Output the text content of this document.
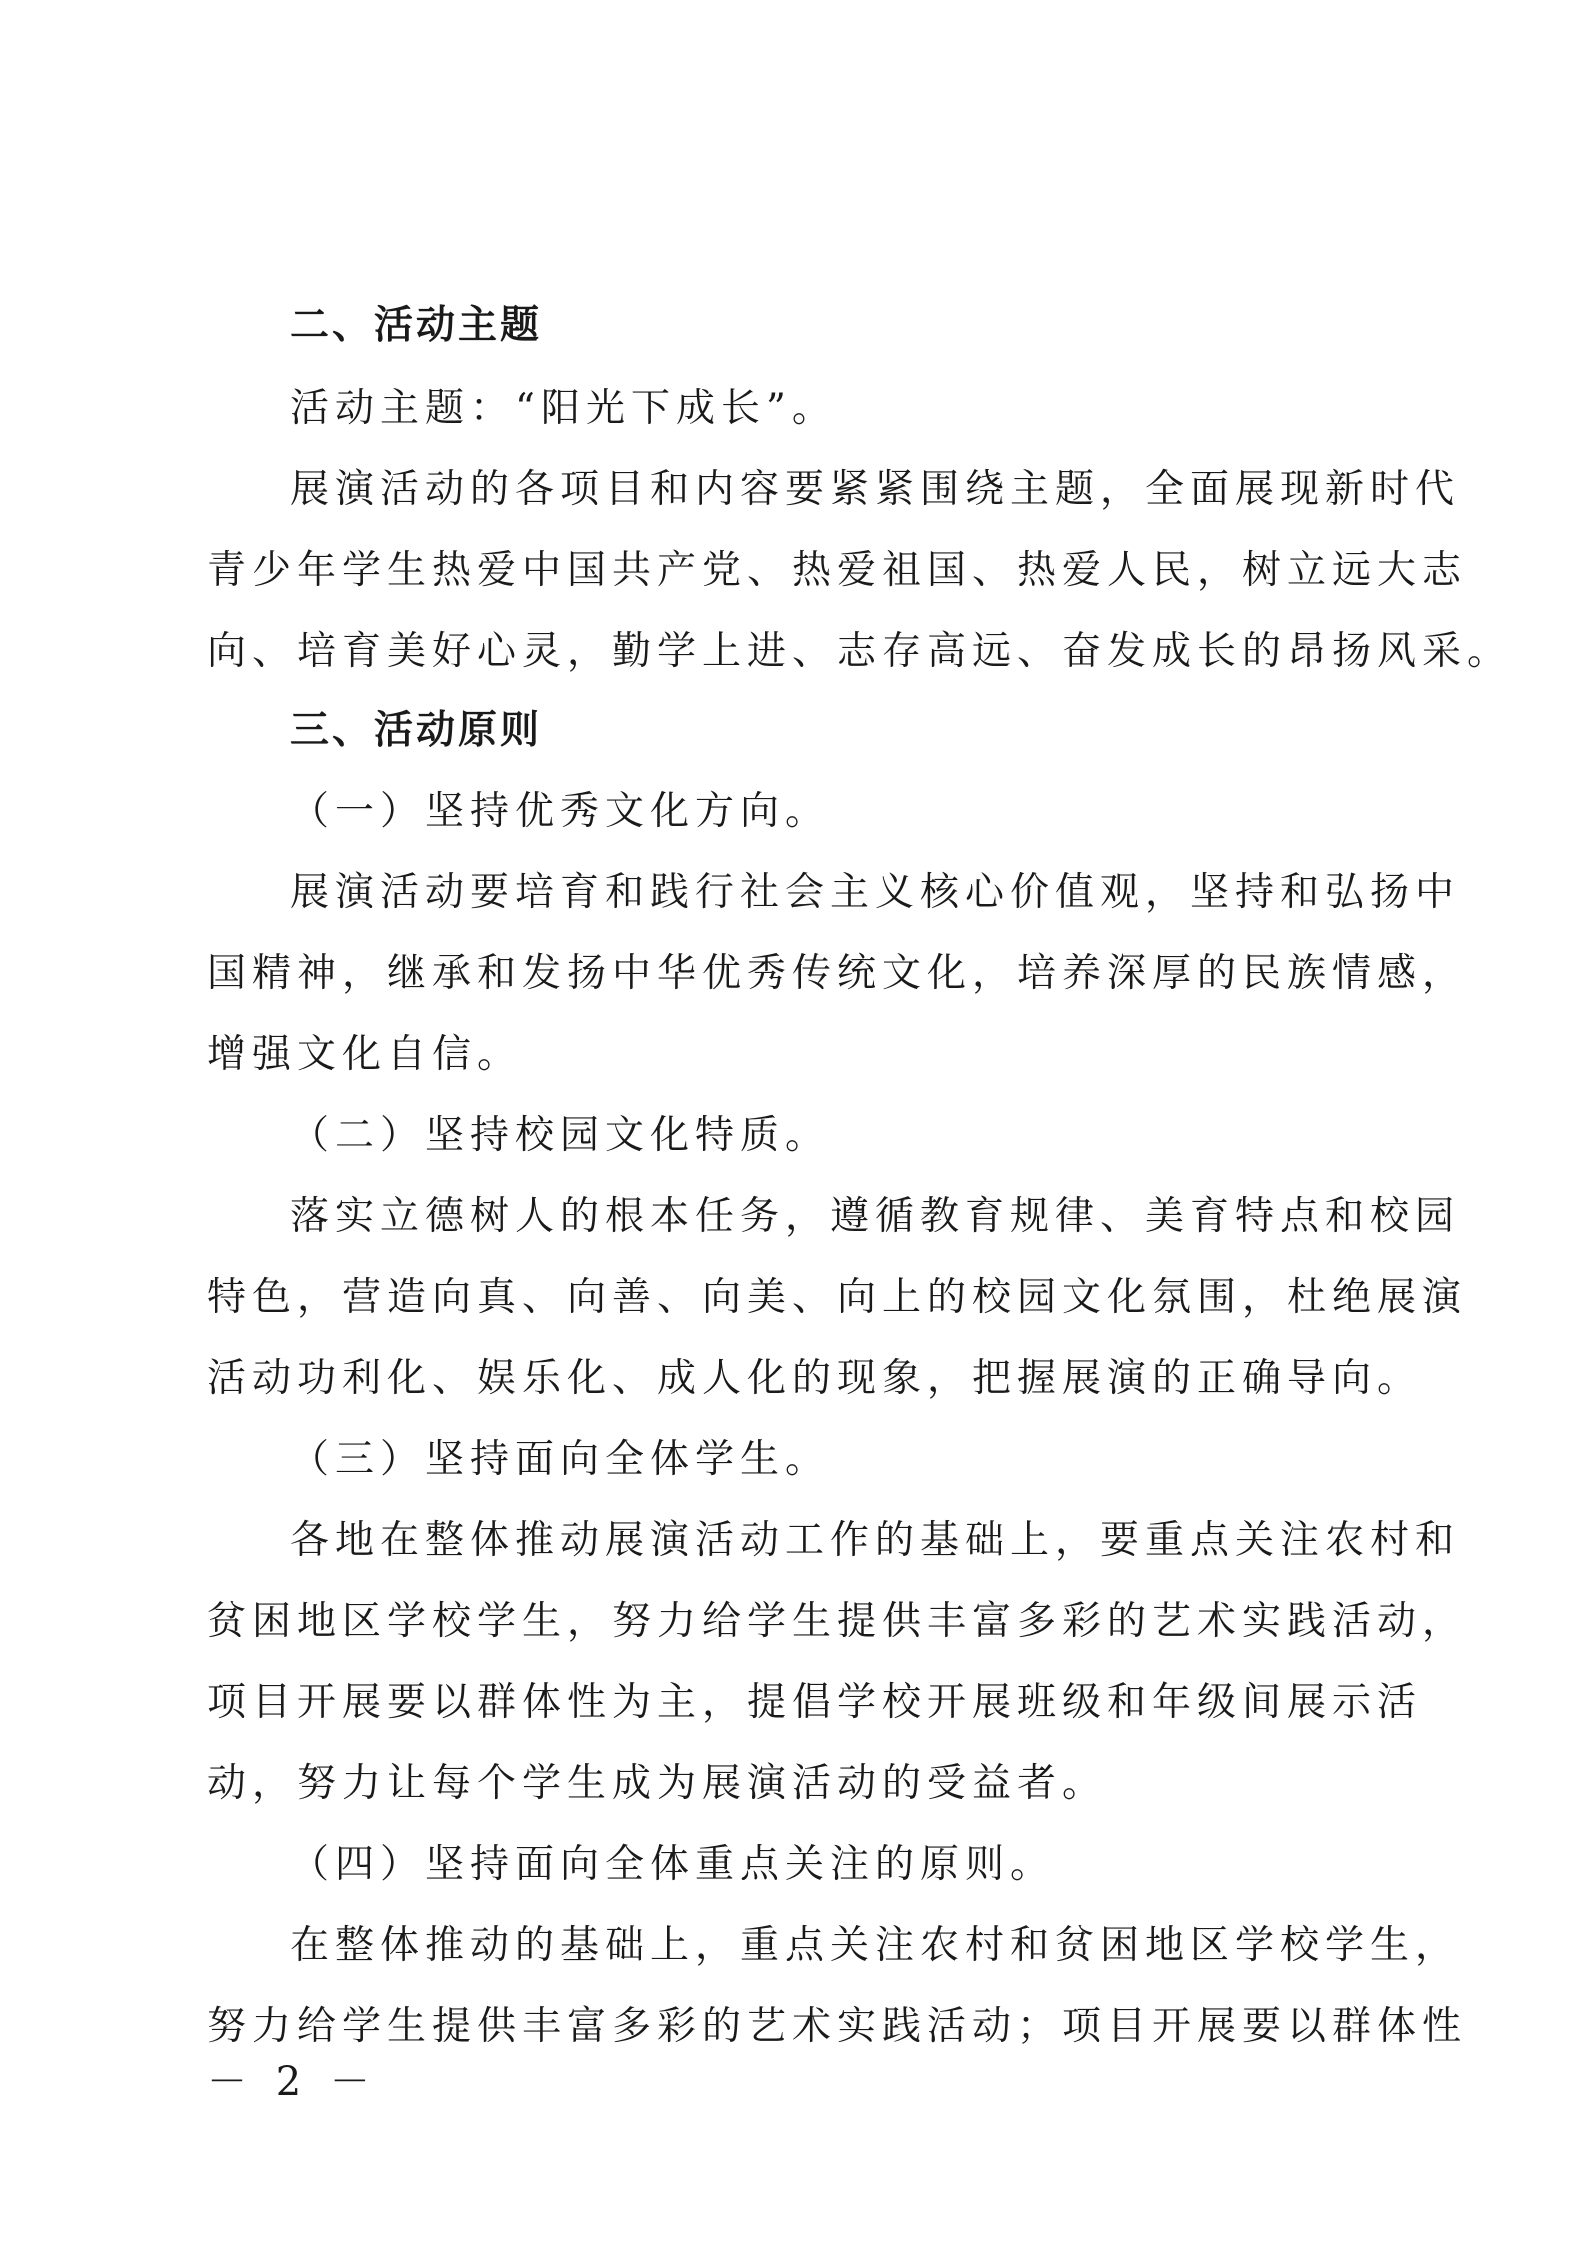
二、活动主题
活动主题：“阳光下成长”。
展演活动的各项目和内容要紧紧围绕主题，全面展现新时代
青少年学生热爱中国共产党、热爱祖国、热爱人民，树立远大志
向、培育美好心灵，勤学上进、志存高远、奋发成长的昂扬风采。
三、活动原则
（一）坚持优秀文化方向。
展演活动要培育和践行社会主义核心价值观，坚持和弘扬中
国精神，继承和发扬中华优秀传统文化，培养深厚的民族情感，
增强文化自信。
（二）坚持校园文化特质。
落实立德树人的根本任务，遵循教育规律、美育特点和校园
特色，营造向真、向善、向美、向上的校园文化氛围，杜绝展演
活动功利化、娱乐化、成人化的现象，把握展演的正确导向。
（三）坚持面向全体学生。
各地在整体推动展演活动工作的基础上，要重点关注农村和
贫困地区学校学生，努力给学生提供丰富多彩的艺术实践活动，
项目开展要以群体性为主，提倡学校开展班级和年级间展示活
动，努力让每个学生成为展演活动的受益者。
（四）坚持面向全体重点关注的原则。
在整体推动的基础上，重点关注农村和贫困地区学校学生，
努力给学生提供丰富多彩的艺术实践活动；项目开展要以群体性
－ 2 －
